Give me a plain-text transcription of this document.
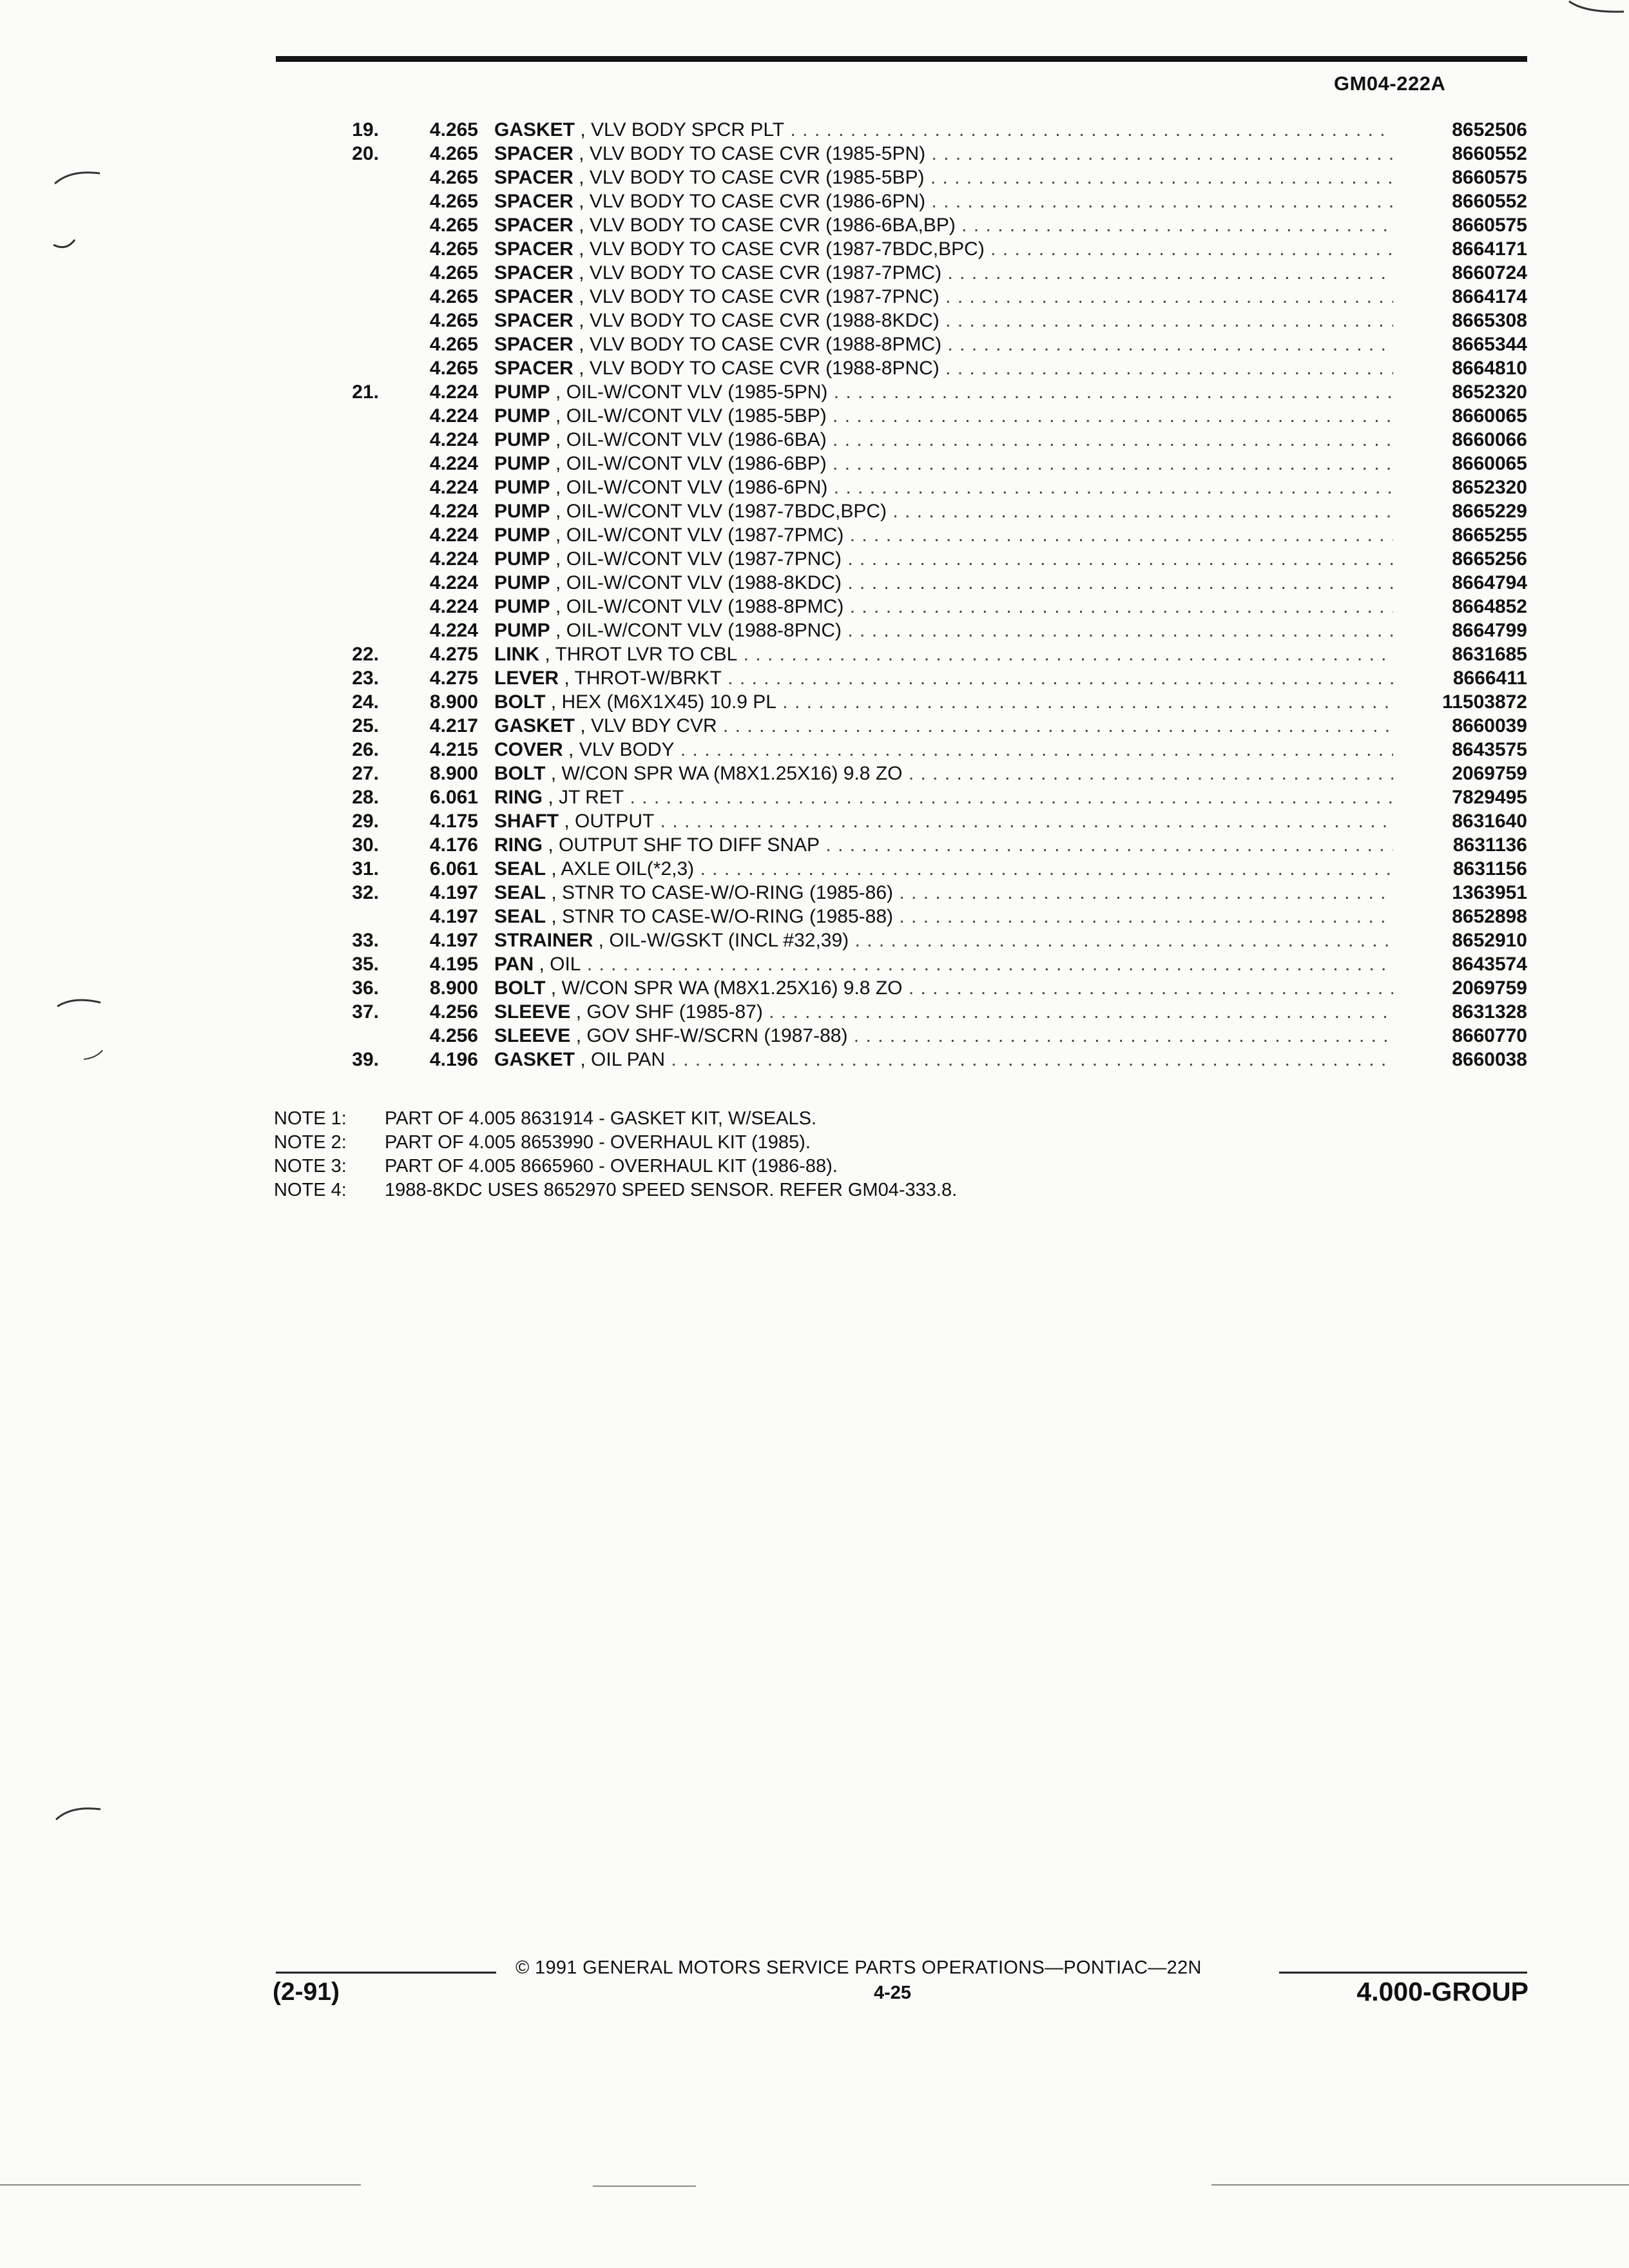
GM04-222A
19.	4.265 GASKET , VLV BODY SPCR PLT . . .	8652506
20.	4.265 SPACER , VLV BODY TO CASE CVR (1985-5PN) . . .	8660552
4.265 SPACER , VLV BODY TO CASE CVR (1985-5BP) . . .	8660575
4.265 SPACER , VLV BODY TO CASE CVR (1986-6PN) . . .	8660552
4.265 SPACER , VLV BODY TO CASE CVR (1986-6BA,BP) . . .	8660575
4.265 SPACER , VLV BODY TO CASE CVR (1987-7BDC,BPC) . . .	8664171
4.265 SPACER , VLV BODY TO CASE CVR (1987-7PMC) . . .	8660724
4.265 SPACER , VLV BODY TO CASE CVR (1987-7PNC) . . .	8664174
4.265 SPACER , VLV BODY TO CASE CVR (1988-8KDC) . . .	8665308
4.265 SPACER , VLV BODY TO CASE CVR (1988-8PMC) . . .	8665344
4.265 SPACER , VLV BODY TO CASE CVR (1988-8PNC) . . .	8664810
21.	4.224 PUMP , OIL-W/CONT VLV (1985-5PN) . . .	8652320
4.224 PUMP , OIL-W/CONT VLV (1985-5BP) . . .	8660065
4.224 PUMP , OIL-W/CONT VLV (1986-6BA) . . .	8660066
4.224 PUMP , OIL-W/CONT VLV (1986-6BP) . . .	8660065
4.224 PUMP , OIL-W/CONT VLV (1986-6PN) . . .	8652320
4.224 PUMP , OIL-W/CONT VLV (1987-7BDC,BPC) . . .	8665229
4.224 PUMP , OIL-W/CONT VLV (1987-7PMC) . . .	8665255
4.224 PUMP , OIL-W/CONT VLV (1987-7PNC) . . .	8665256
4.224 PUMP , OIL-W/CONT VLV (1988-8KDC) . . .	8664794
4.224 PUMP , OIL-W/CONT VLV (1988-8PMC) . . .	8664852
4.224 PUMP , OIL-W/CONT VLV (1988-8PNC) . . .	8664799
22.	4.275 LINK , THROT LVR TO CBL . . .	8631685
23.	4.275 LEVER , THROT-W/BRKT . . .	8666411
24.	8.900 BOLT , HEX (M6X1X45) 10.9 PL . . .	11503872
25.	4.217 GASKET , VLV BDY CVR . . .	8660039
26.	4.215 COVER , VLV BODY . . .	8643575
27.	8.900 BOLT , W/CON SPR WA (M8X1.25X16) 9.8 ZO . . .	2069759
28.	6.061 RING , JT RET . . .	7829495
29.	4.175 SHAFT , OUTPUT . . .	8631640
30.	4.176 RING , OUTPUT SHF TO DIFF SNAP . . .	8631136
31.	6.061 SEAL , AXLE OIL(*2,3) . . .	8631156
32.	4.197 SEAL , STNR TO CASE-W/O-RING (1985-86) . . .	1363951
4.197 SEAL , STNR TO CASE-W/O-RING (1985-88) . . .	8652898
33.	4.197 STRAINER , OIL-W/GSKT (INCL #32,39) . . .	8652910
35.	4.195 PAN , OIL . . .	8643574
36.	8.900 BOLT , W/CON SPR WA (M8X1.25X16) 9.8 ZO . . .	2069759
37.	4.256 SLEEVE , GOV SHF (1985-87) . . .	8631328
4.256 SLEEVE , GOV SHF-W/SCRN (1987-88) . . .	8660770
39.	4.196 GASKET , OIL PAN . . .	8660038
NOTE 1: PART OF 4.005 8631914 - GASKET KIT, W/SEALS.
NOTE 2: PART OF 4.005 8653990 - OVERHAUL KIT (1985).
NOTE 3: PART OF 4.005 8665960 - OVERHAUL KIT (1986-88).
NOTE 4: 1988-8KDC USES 8652970 SPEED SENSOR. REFER GM04-333.8.
© 1991 GENERAL MOTORS SERVICE PARTS OPERATIONS—PONTIAC—22N
(2-91)	4-25	4.000-GROUP
